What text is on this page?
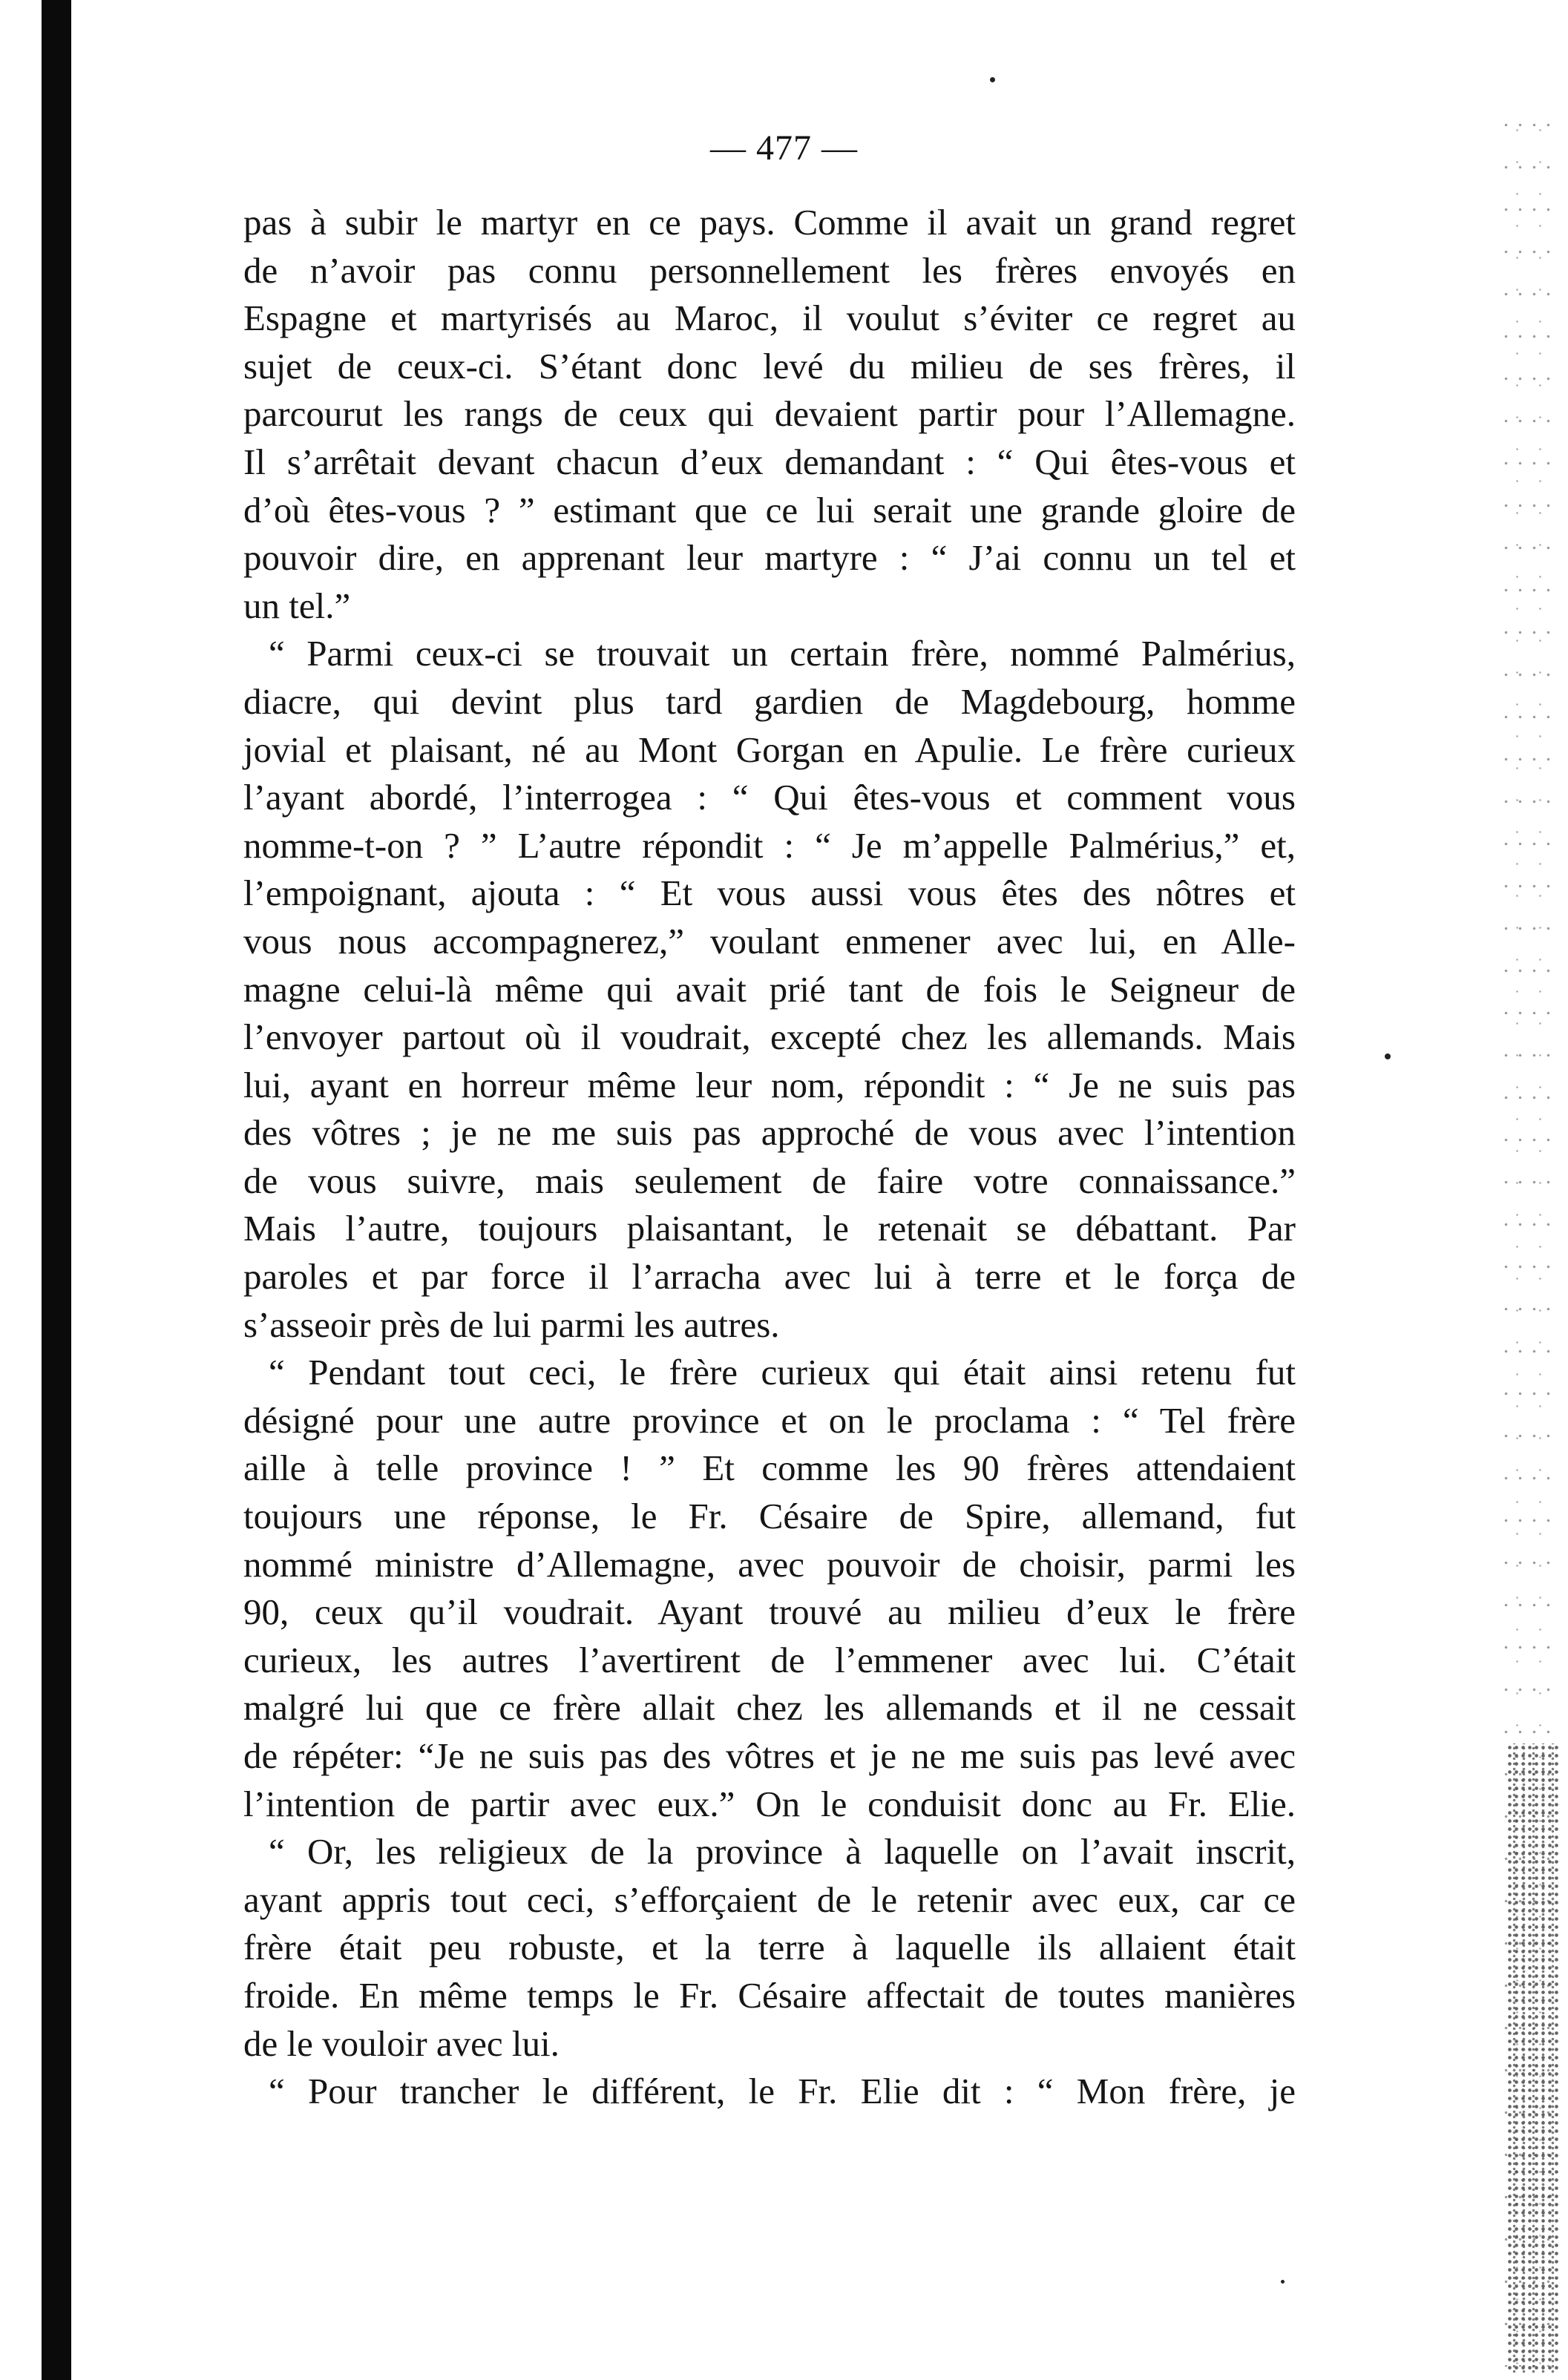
— 477 —
pas à subir le martyr en ce pays. Comme il avait un grand regret
de n’avoir pas connu personnellement les frères envoyés en
Espagne et martyrisés au Maroc, il voulut s’éviter ce regret au
sujet de ceux-ci. S’étant donc levé du milieu de ses frères, il
parcourut les rangs de ceux qui devaient partir pour l’Allemagne.
Il s’arrêtait devant chacun d’eux demandant : “ Qui êtes-vous et
d’où êtes-vous ? ” estimant que ce lui serait une grande gloire de
pouvoir dire, en apprenant leur martyre : “ J’ai connu un tel et
un tel.”
“ Parmi ceux-ci se trouvait un certain frère, nommé Palmérius,
diacre, qui devint plus tard gardien de Magdebourg, homme
jovial et plaisant, né au Mont Gorgan en Apulie. Le frère curieux
l’ayant abordé, l’interrogea : “ Qui êtes-vous et comment vous
nomme-t-on ? ” L’autre répondit : “ Je m’appelle Palmérius,” et,
l’empoignant, ajouta : “ Et vous aussi vous êtes des nôtres et
vous nous accompagnerez,” voulant enmener avec lui, en Alle-
magne celui-là même qui avait prié tant de fois le Seigneur de
l’envoyer partout où il voudrait, excepté chez les allemands. Mais
lui, ayant en horreur même leur nom, répondit : “ Je ne suis pas
des vôtres ; je ne me suis pas approché de vous avec l’intention
de vous suivre, mais seulement de faire votre connaissance.”
Mais l’autre, toujours plaisantant, le retenait se débattant. Par
paroles et par force il l’arracha avec lui à terre et le força de
s’asseoir près de lui parmi les autres.
“ Pendant tout ceci, le frère curieux qui était ainsi retenu fut
désigné pour une autre province et on le proclama : “ Tel frère
aille à telle province ! ” Et comme les 90 frères attendaient
toujours une réponse, le Fr. Césaire de Spire, allemand, fut
nommé ministre d’Allemagne, avec pouvoir de choisir, parmi les
90, ceux qu’il voudrait. Ayant trouvé au milieu d’eux le frère
curieux, les autres l’avertirent de l’emmener avec lui. C’était
malgré lui que ce frère allait chez les allemands et il ne cessait
de répéter: “Je ne suis pas des vôtres et je ne me suis pas levé avec
l’intention de partir avec eux.” On le conduisit donc au Fr. Elie.
“ Or, les religieux de la province à laquelle on l’avait inscrit,
ayant appris tout ceci, s’efforçaient de le retenir avec eux, car ce
frère était peu robuste, et la terre à laquelle ils allaient était
froide. En même temps le Fr. Césaire affectait de toutes manières
de le vouloir avec lui.
“ Pour trancher le différent, le Fr. Elie dit : “ Mon frère, je
